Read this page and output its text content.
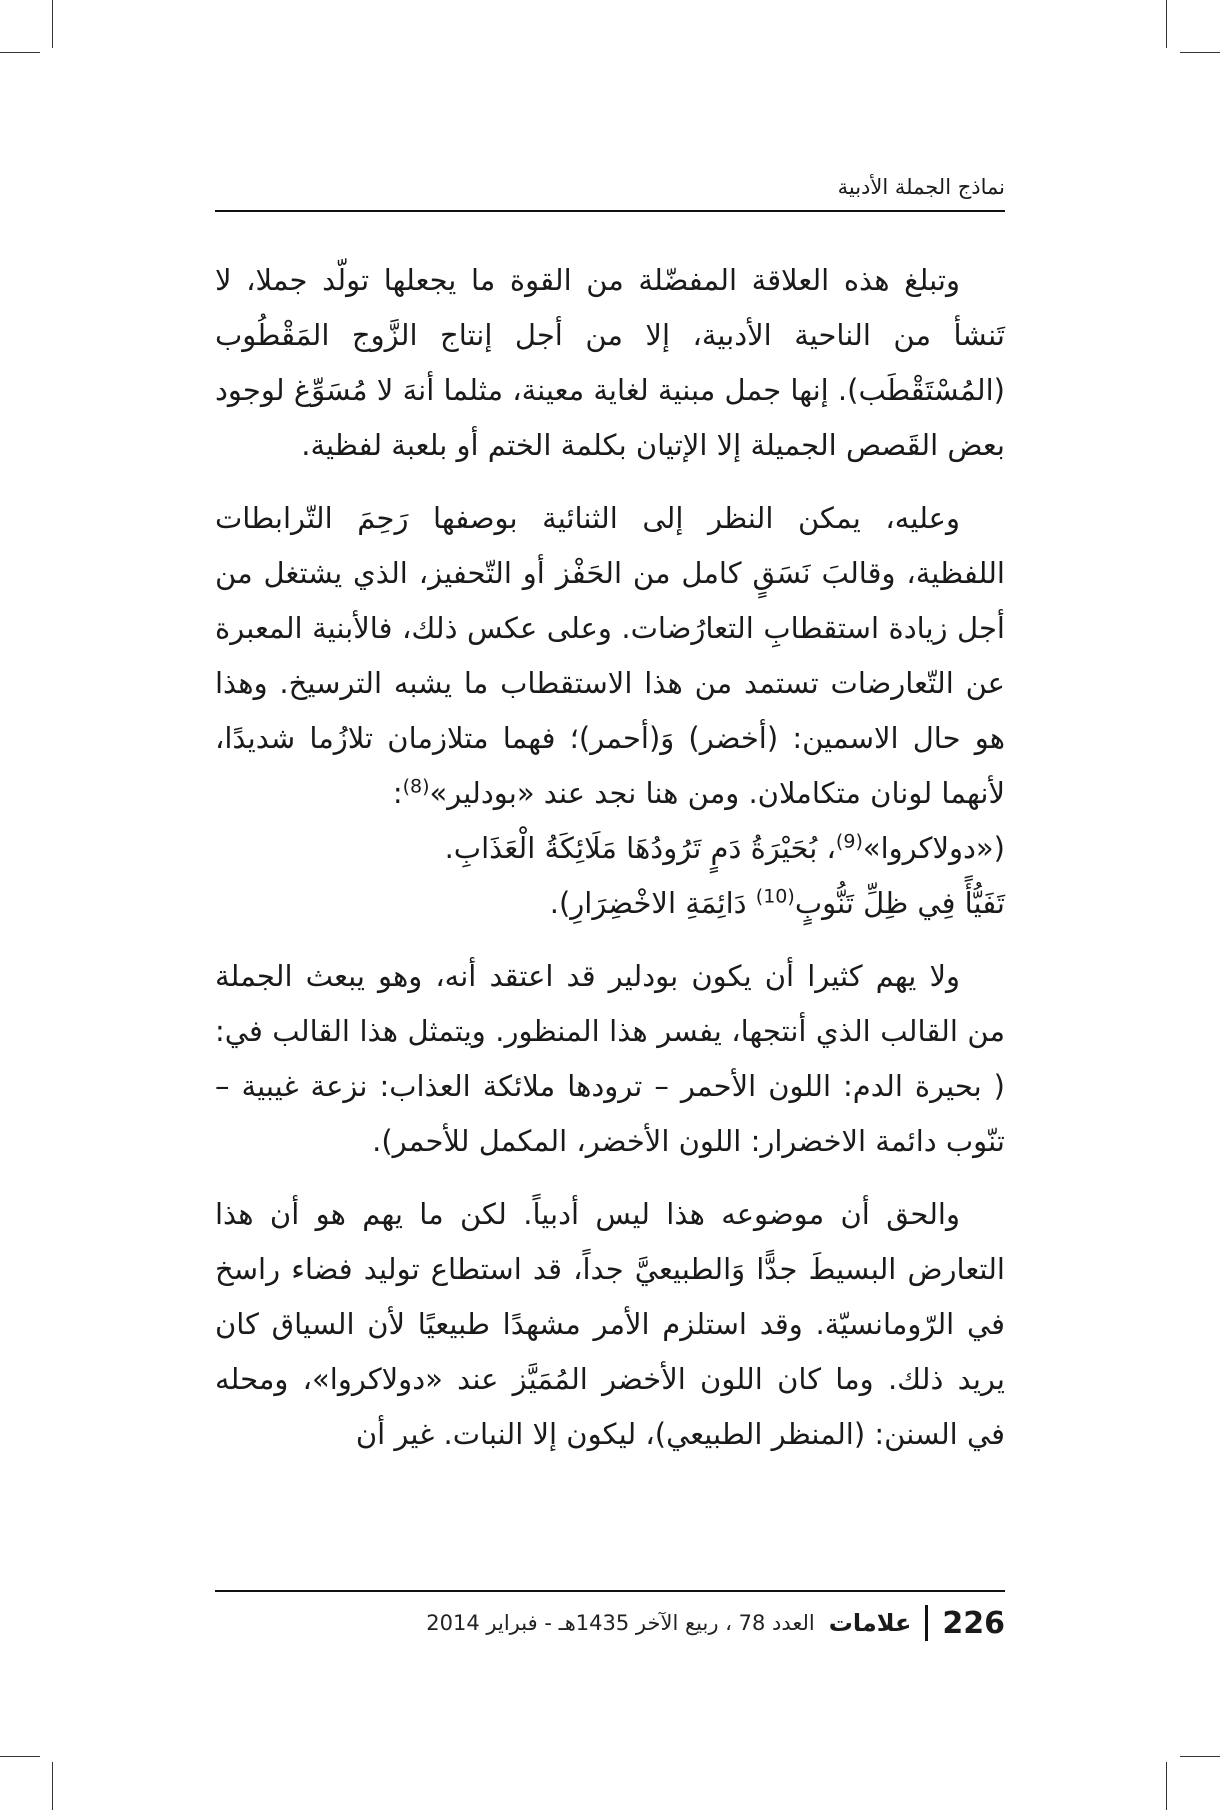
نماذج الجملة الأدبية

وتبلغ هذه العلاقة المفضّلة من القوة ما يجعلها تولّد جملا، لا تَنشأ من الناحية الأدبية، إلا من أجل إنتاج الزَّوج المَقْطُوب (المُسْتَقْطَب). إنها جمل مبنية لغاية معينة، مثلما أنهَ لا مُسَوِّغ لوجود بعض القَصص الجميلة إلا الإتيان بكلمة الختم أو بلعبة لفظية.

وعليه، يمكن النظر إلى الثنائية بوصفها رَحِمَ التّرابطات اللفظية، وقالبَ نَسَقٍ كامل من الحَفْز أو التّحفيز، الذي يشتغل من أجل زيادة استقطابِ التعارُضات. وعلى عكس ذلك، فالأبنية المعبرة عن التّعارضات تستمد من هذا الاستقطاب ما يشبه الترسيخ. وهذا هو حال الاسمين: (أخضر) وَ(أحمر)؛ فهما متلازمان تلازُما شديدًا، لأنهما لونان متكاملان. ومن هنا نجد عند «بودلير»$^{(8)}$:

(«دولاكروا»$^{(9)}$، بُحَيْرَةُ دَمٍ تَرُودُهَا مَلَائِكَةُ الْعَذَابِ.

تَفَيُّأً فِي ظِلِّ تَنُّوبٍ$^{(10)}$ دَائِمَةِ الاخْضِرَارِ).

ولا يهم كثيرا أن يكون بودلير قد اعتقد أنه، وهو يبعث الجملة من القالب الذي أنتجها، يفسر هذا المنظور. ويتمثل هذا القالب في: ( بحيرة الدم: اللون الأحمر – ترودها ملائكة العذاب: نزعة غيبية – تنّوب دائمة الاخضرار: اللون الأخضر، المكمل للأحمر).

والحق أن موضوعه هذا ليس أدبياً. لكن ما يهم هو أن هذا التعارض البسيطَ جدًّا وَالطبيعيَّ جداً، قد استطاع توليد فضاء راسخ في الرّومانسيّة. وقد استلزم الأمر مشهدًا طبيعيًا لأن السياق كان يريد ذلك. وما كان اللون الأخضر المُمَيَّز عند «دولاكروا»، ومحله في السنن: (المنظر الطبيعي)، ليكون إلا النبات. غير أن

226
علامات
العدد 78 ، ربيع الآخر 1435هـ - فبراير 2014
